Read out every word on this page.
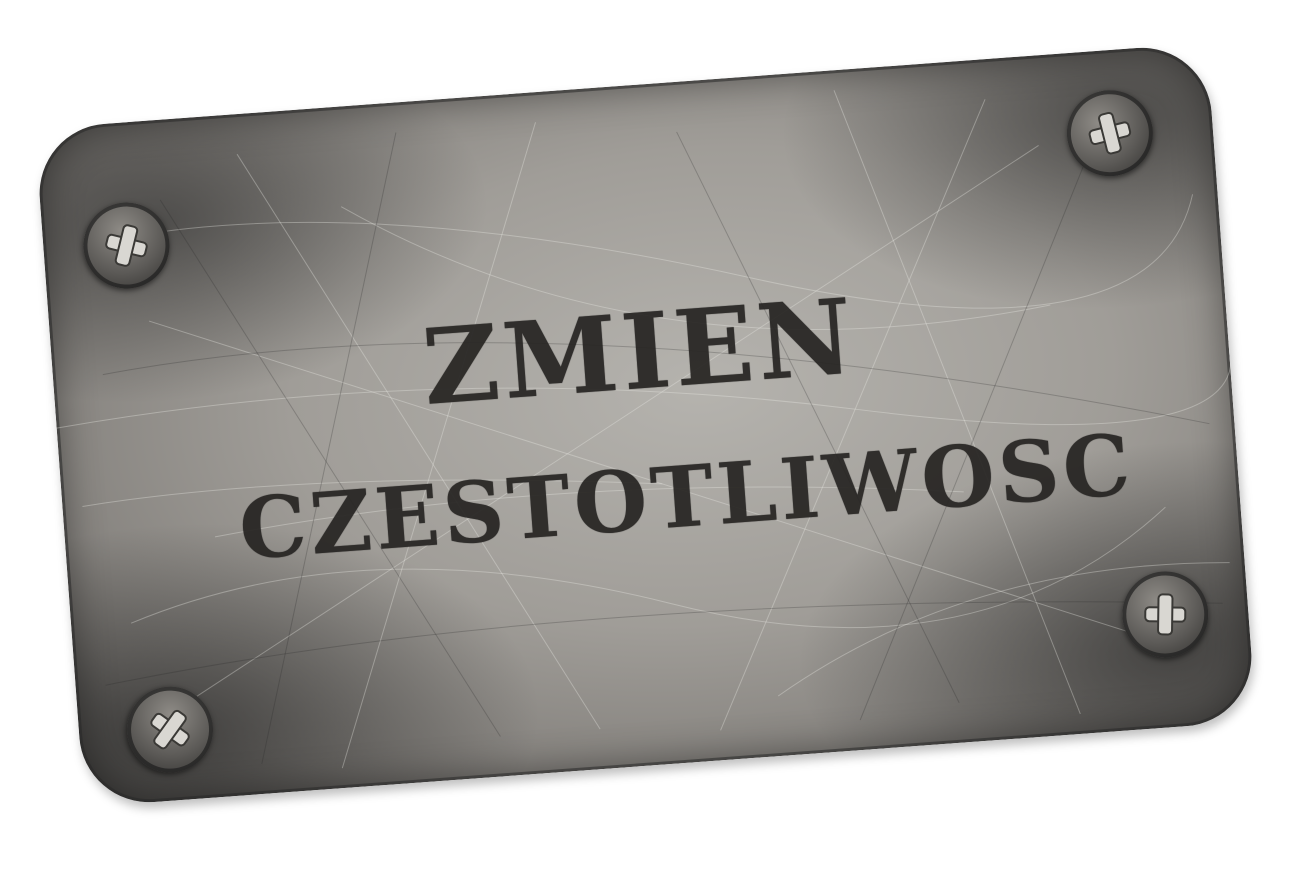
ZMIEN
CZESTOTLIWOSC
